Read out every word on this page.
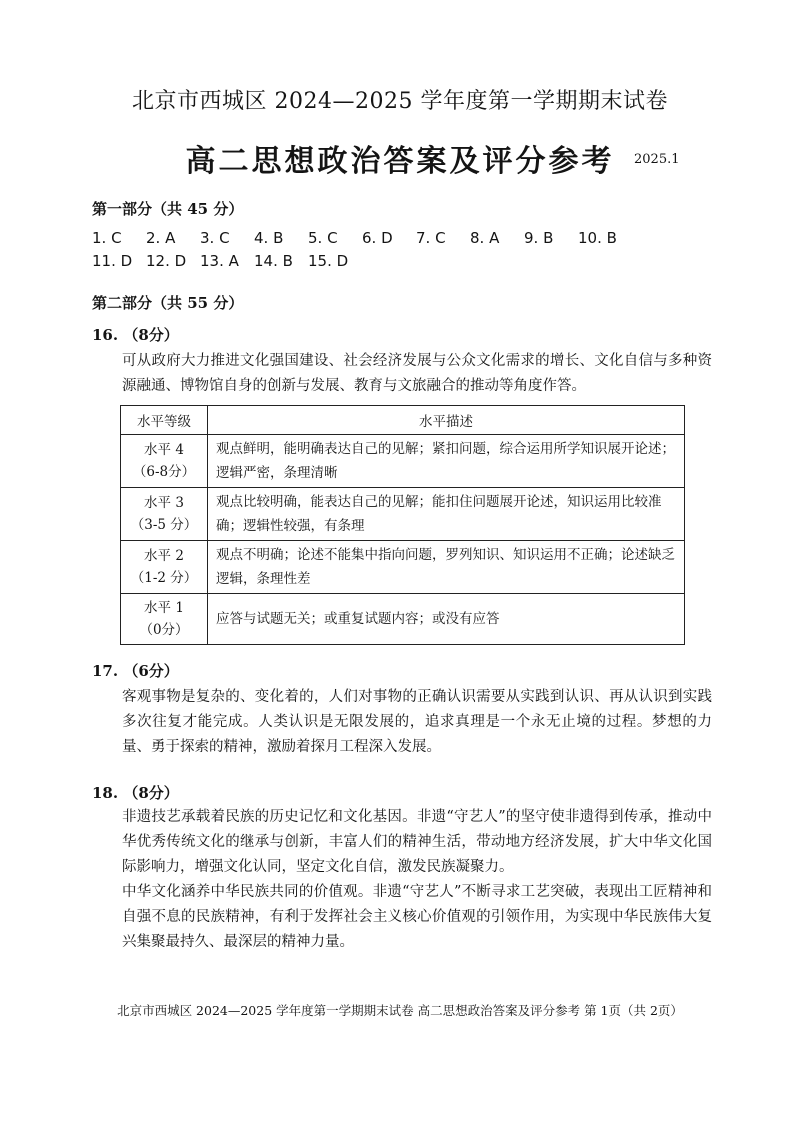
北京市西城区 2024—2025 学年度第一学期期末试卷
高二思想政治答案及评分参考	2025.1
第一部分（共 45 分）
1. C 2. A 3. C 4. B 5. C 6. D 7. C 8. A 9. B 10. B
11. D 12. D 13. A 14. B 15. D
第二部分（共 55 分）
16. （8分）
可从政府大力推进文化强国建设、社会经济发展与公众文化需求的增长、文化自信与多种资源融通、博物馆自身的创新与发展、教育与文旅融合的推动等角度作答。
水平等级	水平描述
水平 4
（6-8分）	观点鲜明，能明确表达自己的见解；紧扣问题，综合运用所学知识展开论述；逻辑严密，条理清晰
水平 3
（3-5 分）	观点比较明确，能表达自己的见解；能扣住问题展开论述，知识运用比较准确；逻辑性较强，有条理
水平 2
（1-2 分）	观点不明确；论述不能集中指向问题，罗列知识、知识运用不正确；论述缺乏逻辑，条理性差
水平 1
（0分）	应答与试题无关；或重复试题内容；或没有应答
17. （6分）
客观事物是复杂的、变化着的，人们对事物的正确认识需要从实践到认识、再从认识到实践多次往复才能完成。人类认识是无限发展的，追求真理是一个永无止境的过程。梦想的力量、勇于探索的精神，激励着探月工程深入发展。
18. （8分）
非遗技艺承载着民族的历史记忆和文化基因。非遗“守艺人”的坚守使非遗得到传承，推动中华优秀传统文化的继承与创新，丰富人们的精神生活，带动地方经济发展，扩大中华文化国际影响力，增强文化认同，坚定文化自信，激发民族凝聚力。
中华文化涵养中华民族共同的价值观。非遗“守艺人”不断寻求工艺突破，表现出工匠精神和自强不息的民族精神，有利于发挥社会主义核心价值观的引领作用，为实现中华民族伟大复兴集聚最持久、最深层的精神力量。
北京市西城区 2024—2025 学年度第一学期期末试卷 高二思想政治答案及评分参考 第 1页（共 2页）
